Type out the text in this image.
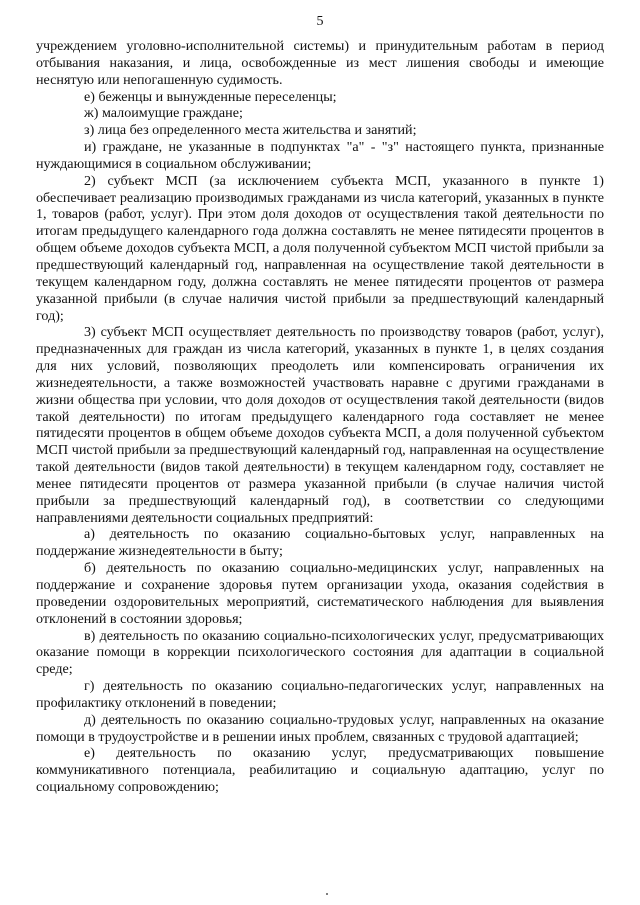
5

учреждением уголовно-исполнительной системы) и принудительным работам в период отбывания наказания, и лица, освобожденные из мест лишения свободы и имеющие неснятую или непогашенную судимость.

е) беженцы и вынужденные переселенцы;

ж) малоимущие граждане;

з) лица без определенного места жительства и занятий;

и) граждане, не указанные в подпунктах "а" - "з" настоящего пункта, признанные нуждающимися в социальном обслуживании;

2) субъект МСП (за исключением субъекта МСП, указанного в пункте 1) обеспечивает реализацию производимых гражданами из числа категорий, указанных в пункте 1, товаров (работ, услуг). При этом доля доходов от осуществления такой деятельности по итогам предыдущего календарного года должна составлять не менее пятидесяти процентов в общем объеме доходов субъекта МСП, а доля полученной субъектом МСП чистой прибыли за предшествующий календарный год, направленная на осуществление такой деятельности в текущем календарном году, должна составлять не менее пятидесяти процентов от размера указанной прибыли (в случае наличия чистой прибыли за предшествующий календарный год);

3) субъект МСП осуществляет деятельность по производству товаров (работ, услуг), предназначенных для граждан из числа категорий, указанных в пункте 1, в целях создания для них условий, позволяющих преодолеть или компенсировать ограничения их жизнедеятельности, а также возможностей участвовать наравне с другими гражданами в жизни общества при условии, что доля доходов от осуществления такой деятельности (видов такой деятельности) по итогам предыдущего календарного года составляет не менее пятидесяти процентов в общем объеме доходов субъекта МСП, а доля полученной субъектом МСП чистой прибыли за предшествующий календарный год, направленная на осуществление такой деятельности (видов такой деятельности) в текущем календарном году, составляет не менее пятидесяти процентов от размера указанной прибыли (в случае наличия чистой прибыли за предшествующий календарный год), в соответствии со следующими направлениями деятельности социальных предприятий:

а) деятельность по оказанию социально-бытовых услуг, направленных на поддержание жизнедеятельности в быту;

б) деятельность по оказанию социально-медицинских услуг, направленных на поддержание и сохранение здоровья путем организации ухода, оказания содействия в проведении оздоровительных мероприятий, систематического наблюдения для выявления отклонений в состоянии здоровья;

в) деятельность по оказанию социально-психологических услуг, предусматривающих оказание помощи в коррекции психологического состояния для адаптации в социальной среде;

г) деятельность по оказанию социально-педагогических услуг, направленных на профилактику отклонений в поведении;

д) деятельность по оказанию социально-трудовых услуг, направленных на оказание помощи в трудоустройстве и в решении иных проблем, связанных с трудовой адаптацией;

е) деятельность по оказанию услуг, предусматривающих повышение коммуникативного потенциала, реабилитацию и социальную адаптацию, услуг по социальному сопровождению;
